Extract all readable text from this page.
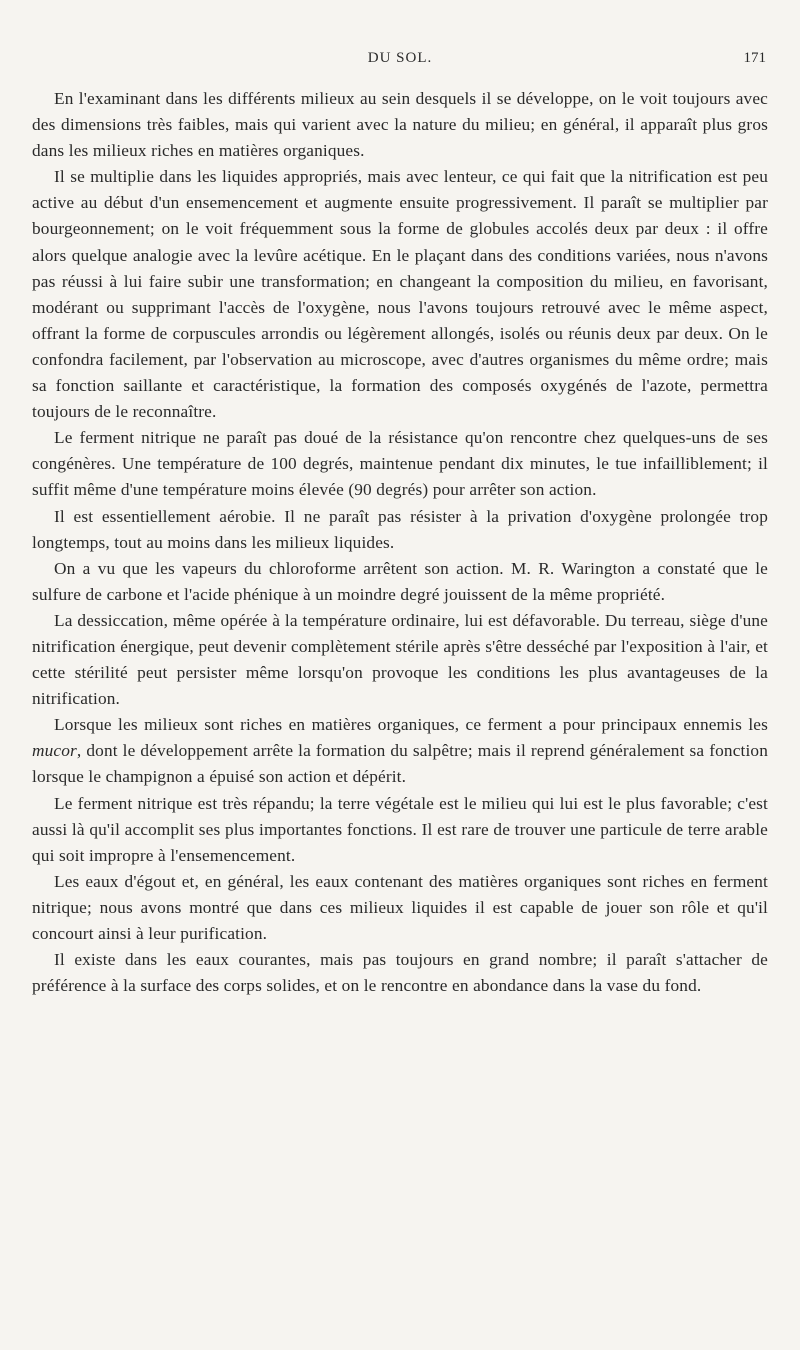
DU SOL.	171

En l'examinant dans les différents milieux au sein desquels il se développe, on le voit toujours avec des dimensions très faibles, mais qui varient avec la nature du milieu; en général, il apparaît plus gros dans les milieux riches en matières organiques.

Il se multiplie dans les liquides appropriés, mais avec lenteur, ce qui fait que la nitrification est peu active au début d'un ensemencement et augmente ensuite progressivement. Il paraît se multiplier par bourgeonnement; on le voit fréquemment sous la forme de globules accolés deux par deux : il offre alors quelque analogie avec la levûre acétique. En le plaçant dans des conditions variées, nous n'avons pas réussi à lui faire subir une transformation; en changeant la composition du milieu, en favorisant, modérant ou supprimant l'accès de l'oxygène, nous l'avons toujours retrouvé avec le même aspect, offrant la forme de corpuscules arrondis ou légèrement allongés, isolés ou réunis deux par deux. On le confondra facilement, par l'observation au microscope, avec d'autres organismes du même ordre; mais sa fonction saillante et caractéristique, la formation des composés oxygénés de l'azote, permettra toujours de le reconnaître.

Le ferment nitrique ne paraît pas doué de la résistance qu'on rencontre chez quelques-uns de ses congénères. Une température de 100 degrés, maintenue pendant dix minutes, le tue infailliblement; il suffit même d'une température moins élevée (90 degrés) pour arrêter son action.

Il est essentiellement aérobie. Il ne paraît pas résister à la privation d'oxygène prolongée trop longtemps, tout au moins dans les milieux liquides.

On a vu que les vapeurs du chloroforme arrêtent son action. M. R. Warington a constaté que le sulfure de carbone et l'acide phénique à un moindre degré jouissent de la même propriété.

La dessiccation, même opérée à la température ordinaire, lui est défavorable. Du terreau, siège d'une nitrification énergique, peut devenir complètement stérile après s'être desséché par l'exposition à l'air, et cette stérilité peut persister même lorsqu'on provoque les conditions les plus avantageuses de la nitrification.

Lorsque les milieux sont riches en matières organiques, ce ferment a pour principaux ennemis les mucor, dont le développement arrête la formation du salpêtre; mais il reprend généralement sa fonction lorsque le champignon a épuisé son action et dépérit.

Le ferment nitrique est très répandu; la terre végétale est le milieu qui lui est le plus favorable; c'est aussi là qu'il accomplit ses plus importantes fonctions. Il est rare de trouver une particule de terre arable qui soit impropre à l'ensemencement.

Les eaux d'égout et, en général, les eaux contenant des matières organiques sont riches en ferment nitrique; nous avons montré que dans ces milieux liquides il est capable de jouer son rôle et qu'il concourt ainsi à leur purification.

Il existe dans les eaux courantes, mais pas toujours en grand nombre; il paraît s'attacher de préférence à la surface des corps solides, et on le rencontre en abondance dans la vase du fond.
